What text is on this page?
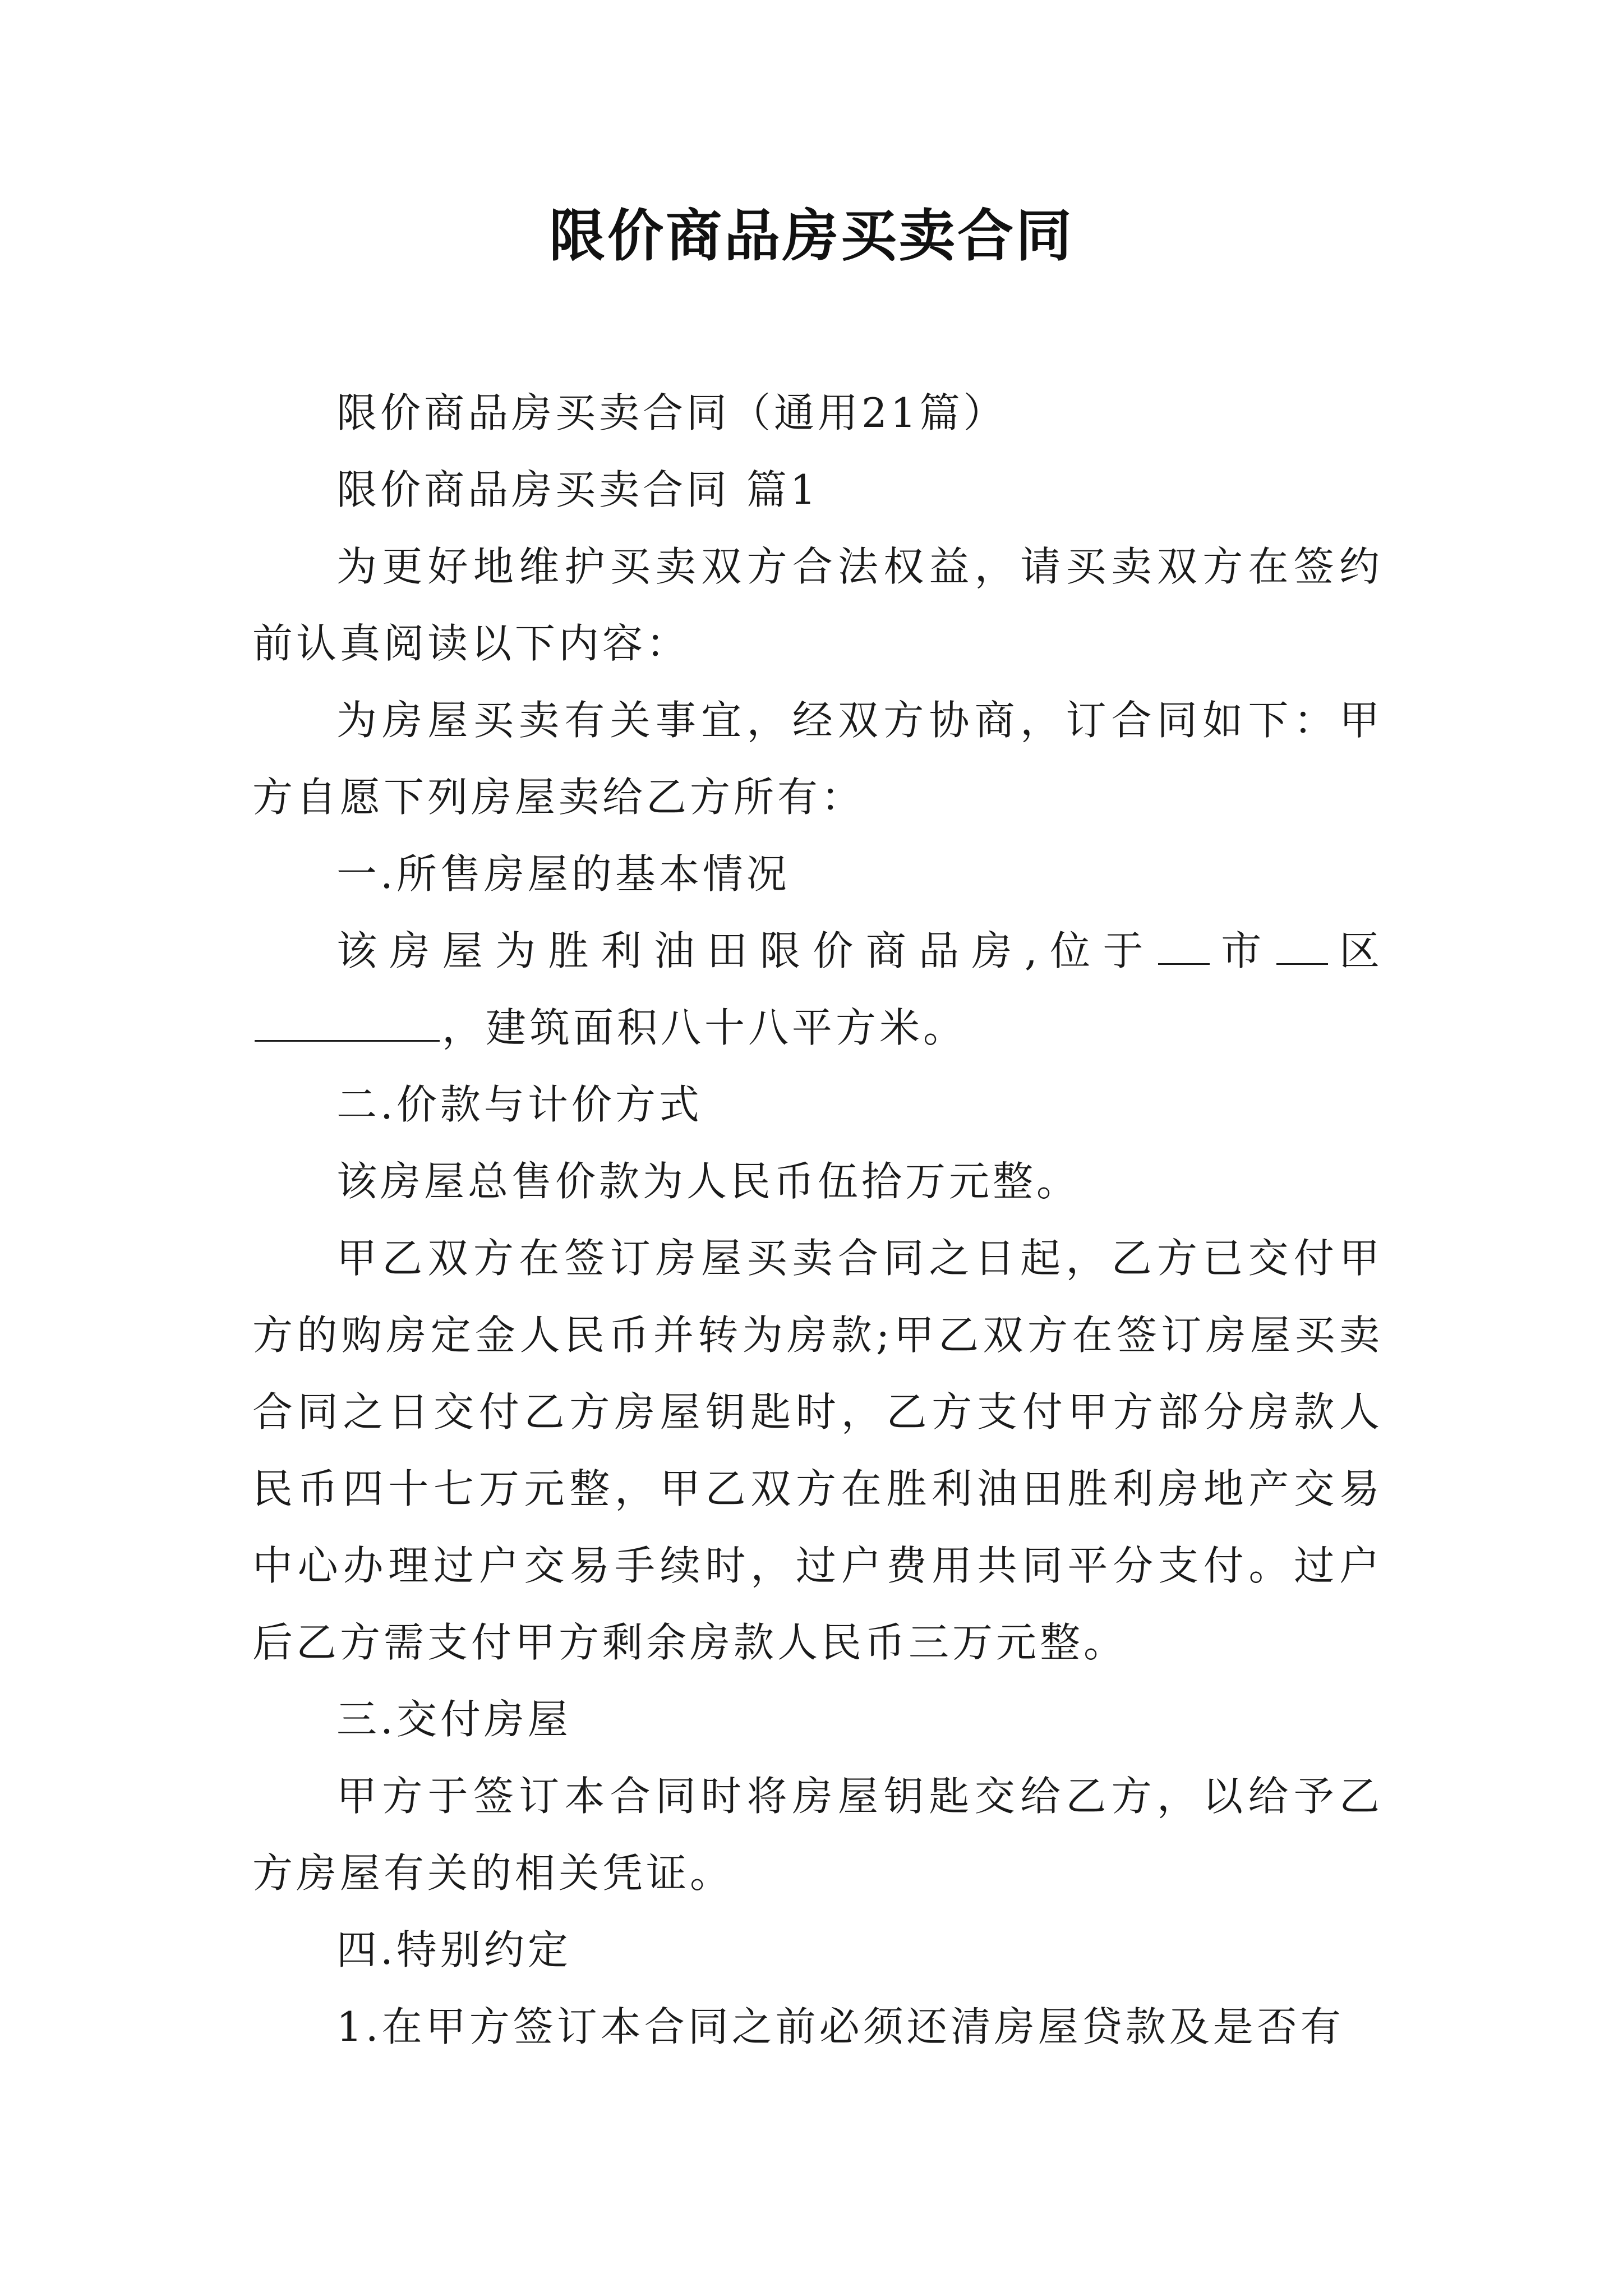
限价商品房买卖合同

限价商品房买卖合同（通用21篇）

限价商品房买卖合同 篇1

为更好地维护买卖双方合法权益，请买卖双方在签约前认真阅读以下内容：

为房屋买卖有关事宜，经双方协商，订合同如下：甲方自愿下列房屋卖给乙方所有：

一.所售房屋的基本情况

该房屋为胜利油田限价商品房,位于 市 区，建筑面积八十八平方米。

二.价款与计价方式

该房屋总售价款为人民币伍拾万元整。

甲乙双方在签订房屋买卖合同之日起，乙方已交付甲方的购房定金人民币并转为房款;甲乙双方在签订房屋买卖合同之日交付乙方房屋钥匙时，乙方支付甲方部分房款人民币四十七万元整，甲乙双方在胜利油田胜利房地产交易中心办理过户交易手续时，过户费用共同平分支付。过户后乙方需支付甲方剩余房款人民币三万元整。

三.交付房屋

甲方于签订本合同时将房屋钥匙交给乙方，以给予乙方房屋有关的相关凭证。

四.特别约定

1.在甲方签订本合同之前必须还清房屋贷款及是否有
